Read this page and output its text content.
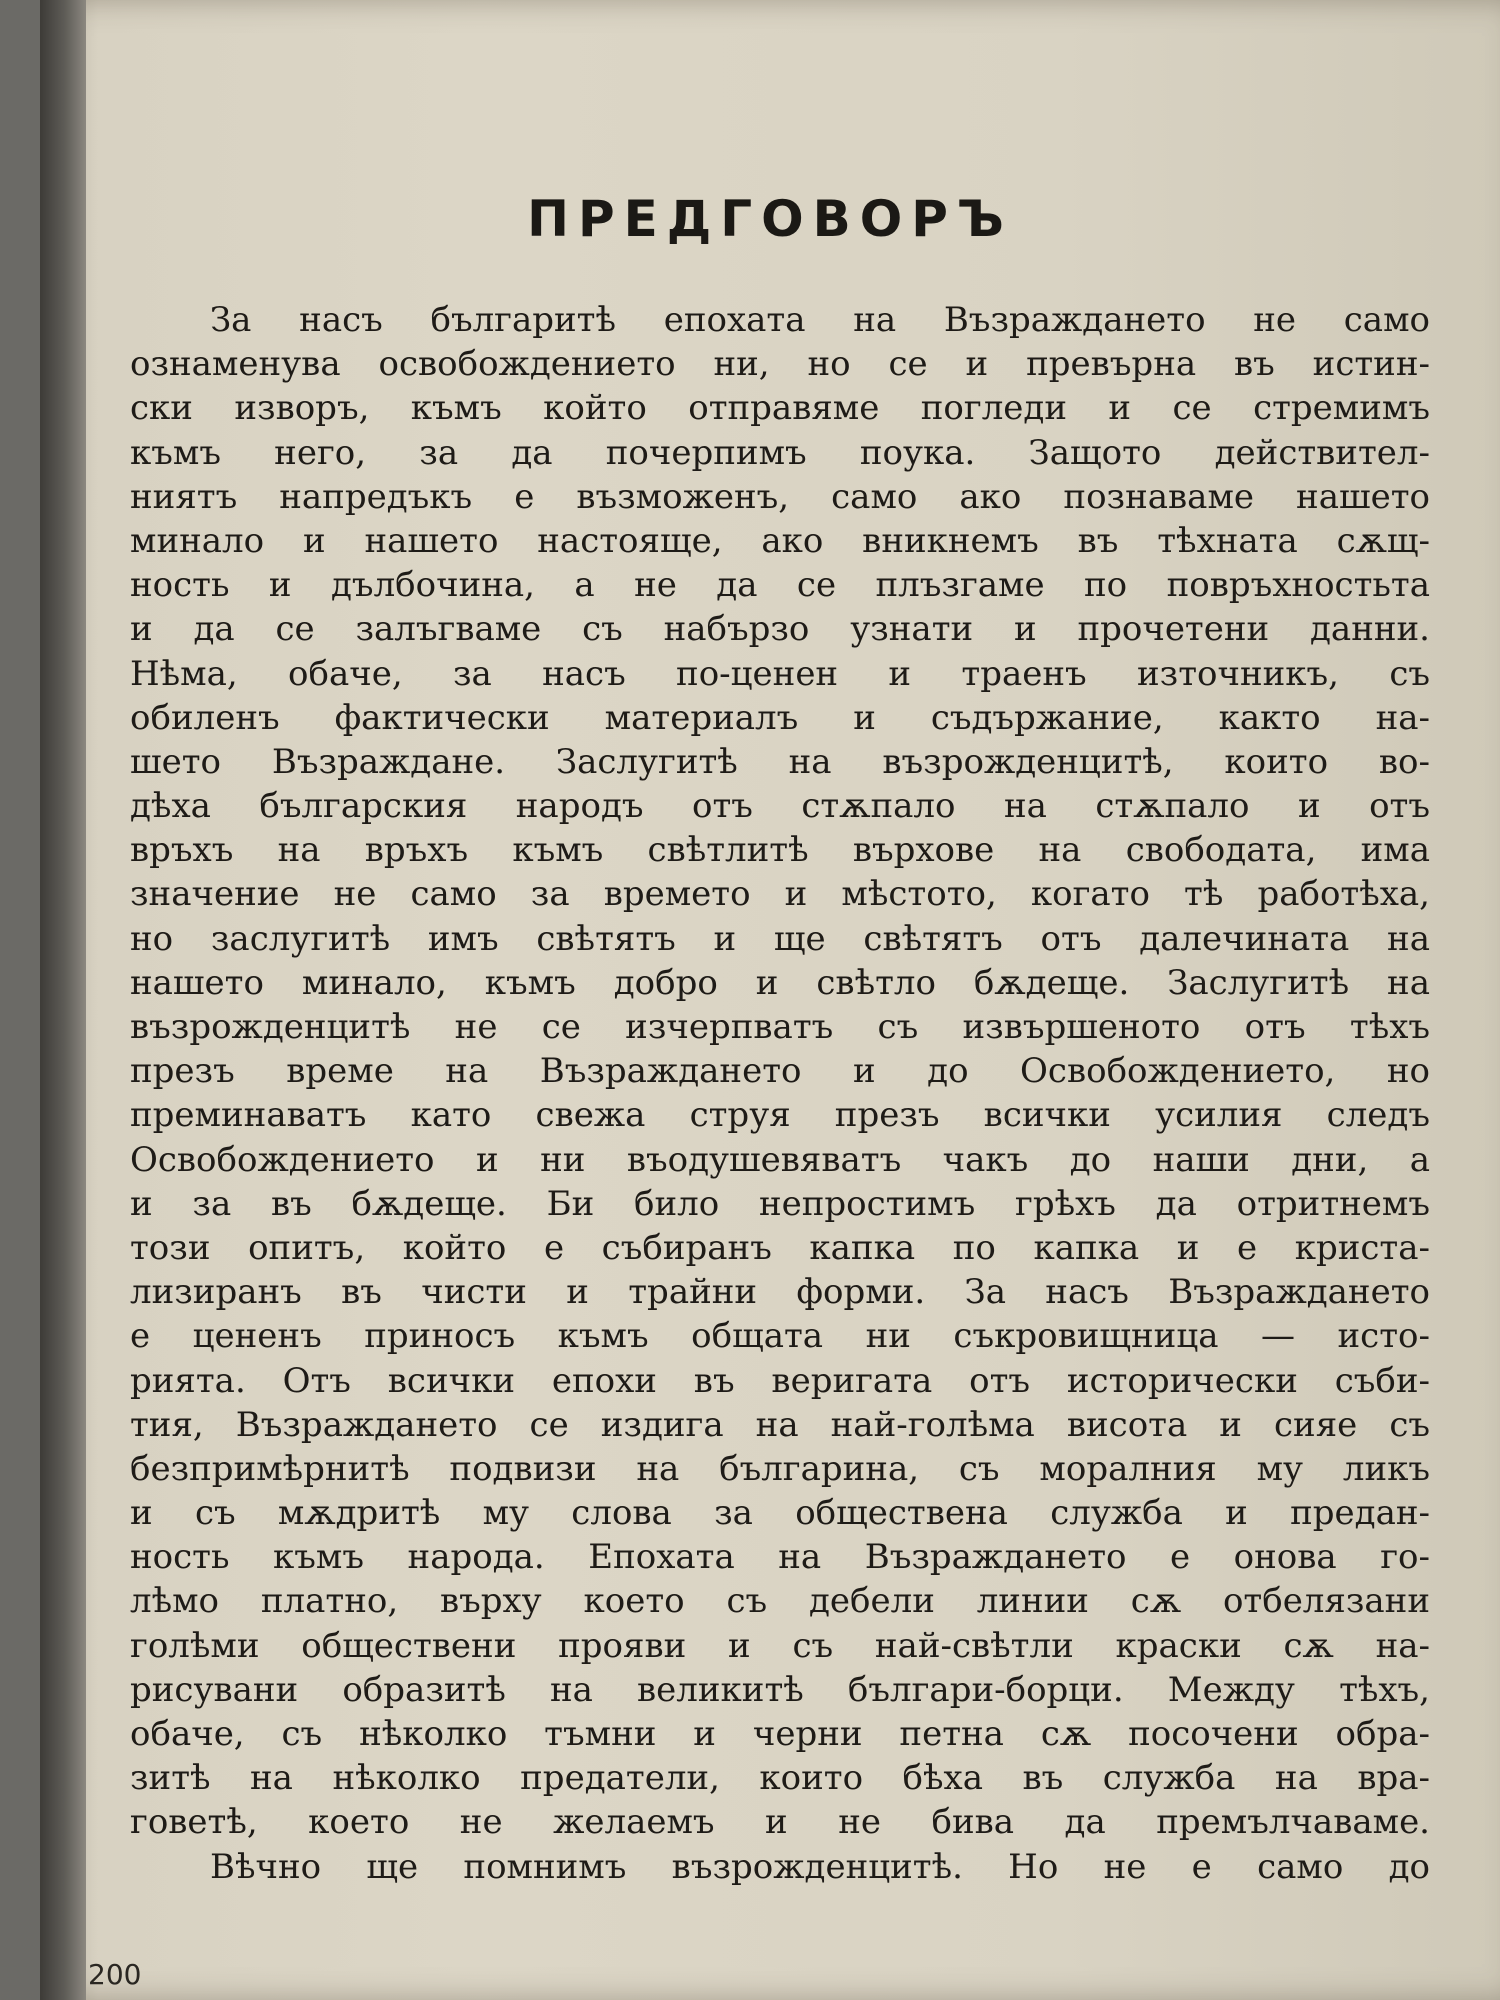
ПРЕДГОВОРЪ
За насъ българитѣ епохата на Възраждането не само
ознаменува освобождението ни, но се и превърна въ истин-
ски изворъ, къмъ който отправяме погледи и се стремимъ
къмъ него, за да почерпимъ поука. Защото действител-
ниятъ напредъкъ е възможенъ, само ако познаваме нашето
минало и нашето настояще, ако вникнемъ въ тѣхната сѫщ-
ность и дълбочина, а не да се плъзгаме по повръхностьта
и да се залъгваме съ набързо узнати и прочетени данни.
Нѣма, обаче, за насъ по-ценен и траенъ източникъ, съ
обиленъ фактически материалъ и съдържание, както на-
шето Възраждане. Заслугитѣ на възрожденцитѣ, които во-
дѣха българския народъ отъ стѫпало на стѫпало и отъ
връхъ на връхъ къмъ свѣтлитѣ върхове на свободата, има
значение не само за времето и мѣстото, когато тѣ работѣха,
но заслугитѣ имъ свѣтятъ и ще свѣтятъ отъ далечината на
нашето минало, къмъ добро и свѣтло бѫдеще. Заслугитѣ на
възрожденцитѣ не се изчерпватъ съ извършеното отъ тѣхъ
презъ време на Възраждането и до Освобождението, но
преминаватъ като свежа струя презъ всички усилия следъ
Освобождението и ни въодушевяватъ чакъ до наши дни, а
и за въ бѫдеще. Би било непростимъ грѣхъ да отритнемъ
този опитъ, който е събиранъ капка по капка и е криста-
лизиранъ въ чисти и трайни форми. За насъ Възраждането
е цененъ приносъ къмъ общата ни съкровищница — исто-
рията. Отъ всички епохи въ веригата отъ исторически съби-
тия, Възраждането се издига на най-голѣма висота и сияе съ
безпримѣрнитѣ подвизи на българина, съ моралния му ликъ
и съ мѫдритѣ му слова за обществена служба и предан-
ность къмъ народа. Епохата на Възраждането е онова го-
лѣмо платно, върху което съ дебели линии сѫ отбелязани
голѣми обществени прояви и съ най-свѣтли краски сѫ на-
рисувани образитѣ на великитѣ българи-борци. Между тѣхъ,
обаче, съ нѣколко тъмни и черни петна сѫ посочени обра-
зитѣ на нѣколко предатели, които бѣха въ служба на вра-
говетѣ, което не желаемъ и не бива да премълчаваме.
Вѣчно ще помнимъ възрожденцитѣ. Но не е само до
200
